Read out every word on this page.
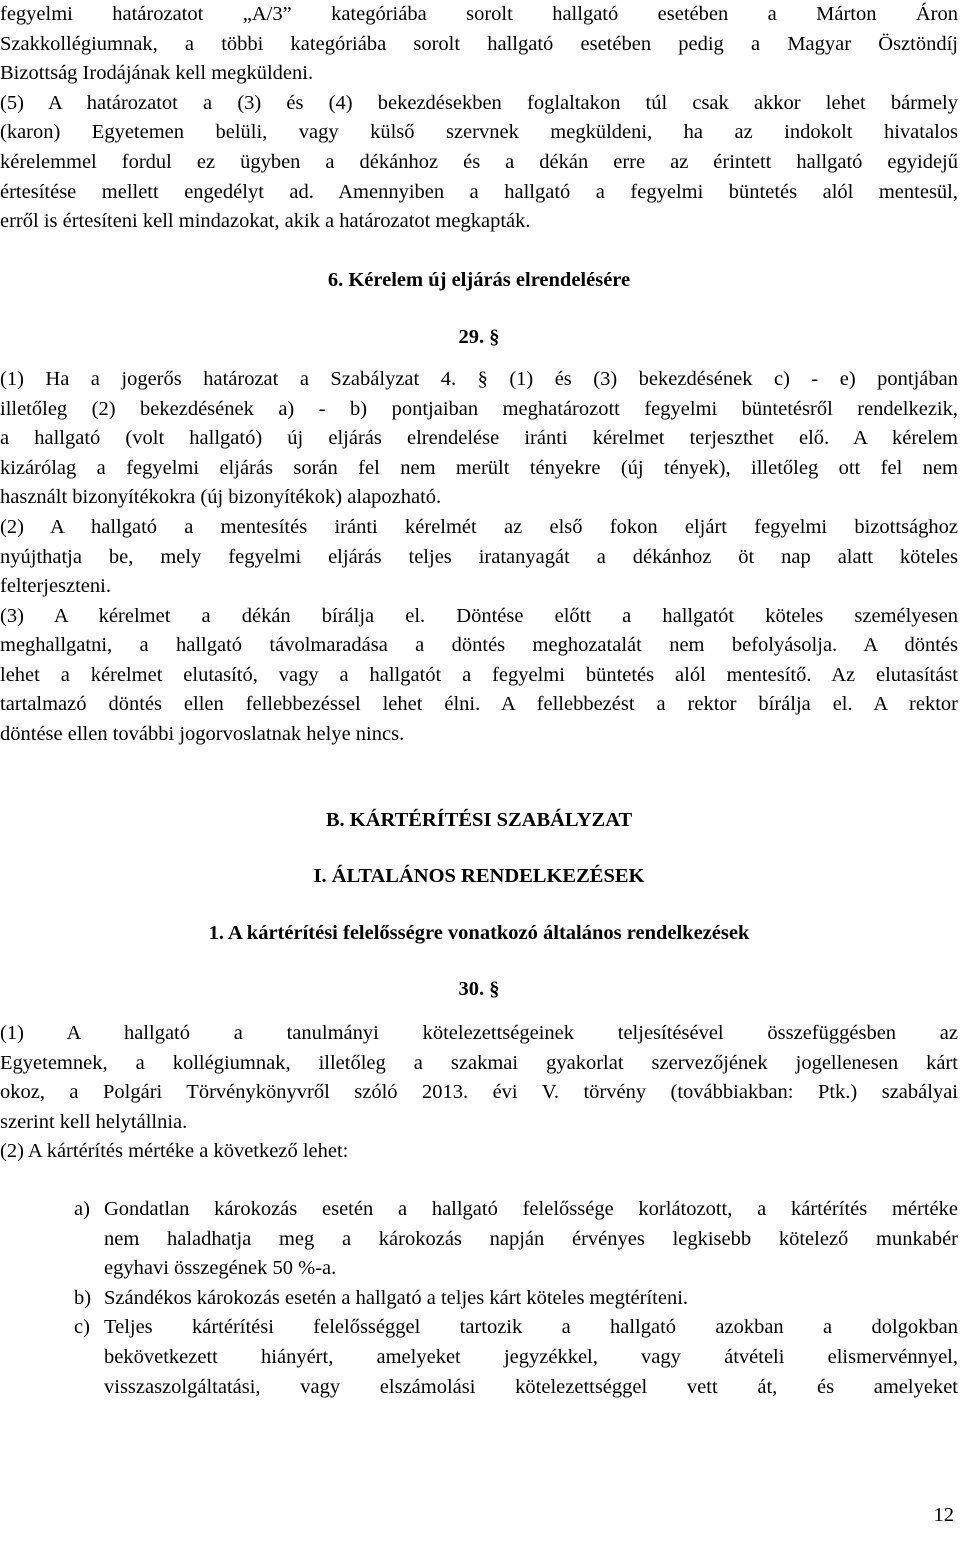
fegyelmi határozatot „A/3” kategóriába sorolt hallgató esetében a Márton Áron
Szakkollégiumnak, a többi kategóriába sorolt hallgató esetében pedig a Magyar Ösztöndíj
Bizottság Irodájának kell megküldeni.

(5) A határozatot a (3) és (4) bekezdésekben foglaltakon túl csak akkor lehet bármely
(karon) Egyetemen belüli, vagy külső szervnek megküldeni, ha az indokolt hivatalos
kérelemmel fordul ez ügyben a dékánhoz és a dékán erre az érintett hallgató egyidejű
értesítése mellett engedélyt ad. Amennyiben a hallgató a fegyelmi büntetés alól mentesül,
erről is értesíteni kell mindazokat, akik a határozatot megkapták.

6. Kérelem új eljárás elrendelésére
29. §

(1) Ha a jogerős határozat a Szabályzat 4. § (1) és (3) bekezdésének c) - e) pontjában
illetőleg (2) bekezdésének a) - b) pontjaiban meghatározott fegyelmi büntetésről rendelkezik,
a hallgató (volt hallgató) új eljárás elrendelése iránti kérelmet terjeszthet elő. A kérelem
kizárólag a fegyelmi eljárás során fel nem merült tényekre (új tények), illetőleg ott fel nem
használt bizonyítékokra (új bizonyítékok) alapozható.

(2) A hallgató a mentesítés iránti kérelmét az első fokon eljárt fegyelmi bizottsághoz
nyújthatja be, mely fegyelmi eljárás teljes iratanyagát a dékánhoz öt nap alatt köteles
felterjeszteni.

(3) A kérelmet a dékán bírálja el. Döntése előtt a hallgatót köteles személyesen
meghallgatni, a hallgató távolmaradása a döntés meghozatalát nem befolyásolja. A döntés
lehet a kérelmet elutasító, vagy a hallgatót a fegyelmi büntetés alól mentesítő. Az elutasítást
tartalmazó döntés ellen fellebbezéssel lehet élni. A fellebbezést a rektor bírálja el. A rektor
döntése ellen további jogorvoslatnak helye nincs.

B. KÁRTÉRÍTÉSI SZABÁLYZAT
I. ÁLTALÁNOS RENDELKEZÉSEK
1. A kártérítési felelősségre vonatkozó általános rendelkezések
30. §

(1) A hallgató a tanulmányi kötelezettségeinek teljesítésével összefüggésben az
Egyetemnek, a kollégiumnak, illetőleg a szakmai gyakorlat szervezőjének jogellenesen kárt
okoz, a Polgári Törvénykönyvről szóló 2013. évi V. törvény (továbbiakban: Ptk.) szabályai
szerint kell helytállnia.

(2) A kártérítés mértéke a következő lehet:

a) Gondatlan károkozás esetén a hallgató felelőssége korlátozott, a kártérítés mértéke
nem haladhatja meg a károkozás napján érvényes legkisebb kötelező munkabér
egyhavi összegének 50 %-a.
b) Szándékos károkozás esetén a hallgató a teljes kárt köteles megtéríteni.
c) Teljes kártérítési felelősséggel tartozik a hallgató azokban a dolgokban
bekövetkezett hiányért, amelyeket jegyzékkel, vagy átvételi elismervénnyel,
visszaszolgáltatási, vagy elszámolási kötelezettséggel vett át, és amelyeket
12
